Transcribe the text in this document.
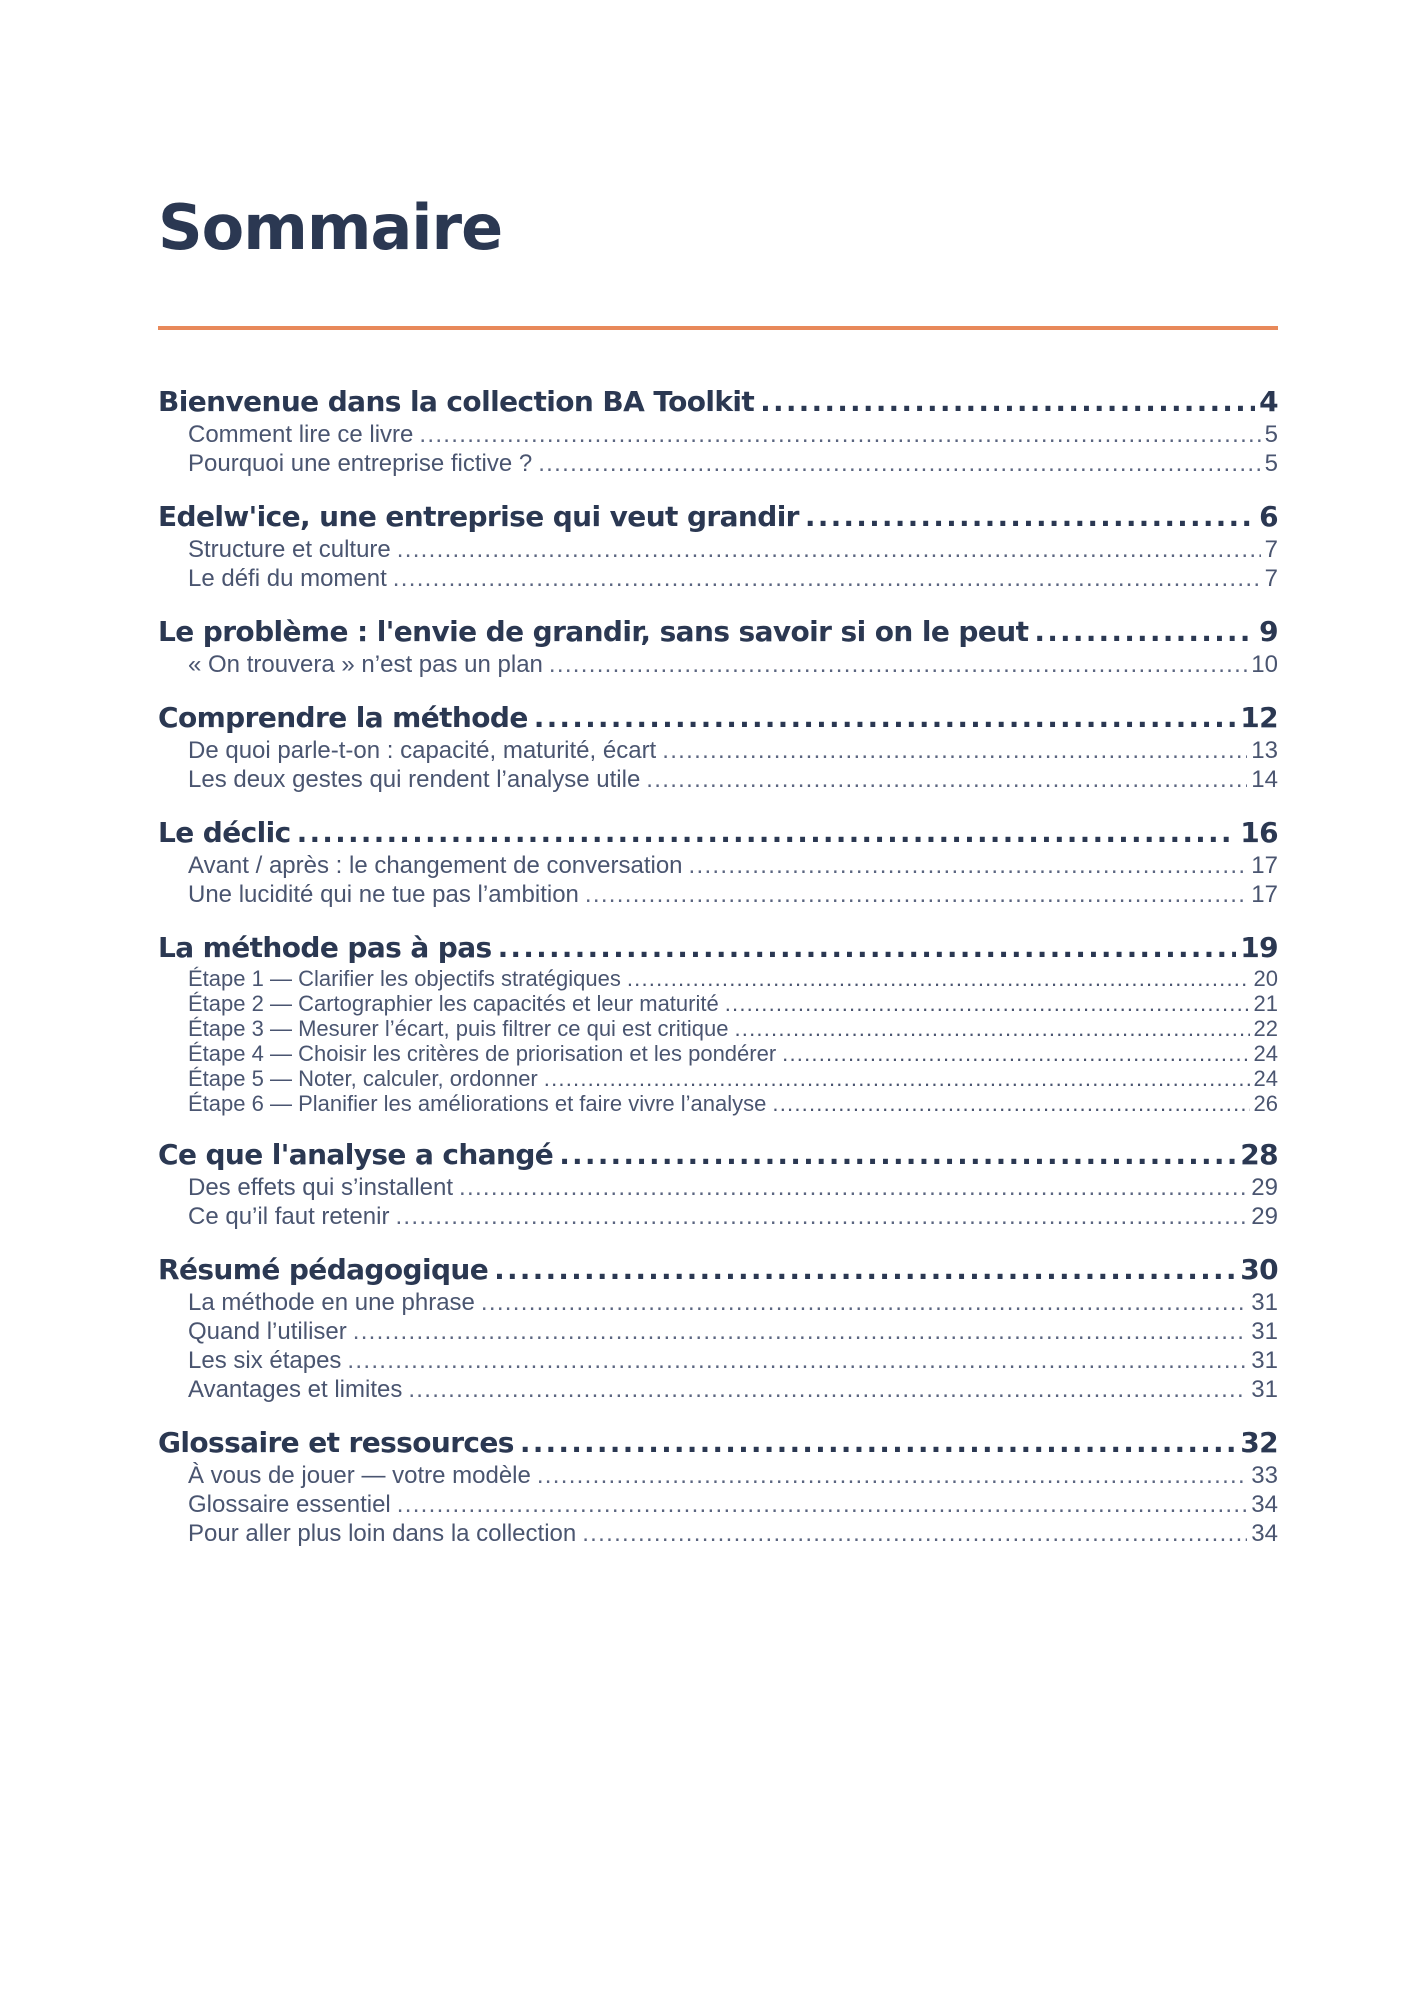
Sommaire
Bienvenue dans la collection BA Toolkit .....	4
Comment lire ce livre .....	5
Pourquoi une entreprise fictive ? .....	5
Edelw'ice, une entreprise qui veut grandir .....	6
Structure et culture .....	7
Le défi du moment .....	7
Le problème : l'envie de grandir, sans savoir si on le peut .....	9
« On trouvera » n’est pas un plan .....	10
Comprendre la méthode .....	12
De quoi parle-t-on : capacité, maturité, écart .....	13
Les deux gestes qui rendent l’analyse utile .....	14
Le déclic .....	16
Avant / après : le changement de conversation .....	17
Une lucidité qui ne tue pas l’ambition .....	17
La méthode pas à pas .....	19
Étape 1 — Clarifier les objectifs stratégiques .....	20
Étape 2 — Cartographier les capacités et leur maturité .....	21
Étape 3 — Mesurer l’écart, puis filtrer ce qui est critique .....	22
Étape 4 — Choisir les critères de priorisation et les pondérer .....	24
Étape 5 — Noter, calculer, ordonner .....	24
Étape 6 — Planifier les améliorations et faire vivre l’analyse .....	26
Ce que l'analyse a changé .....	28
Des effets qui s’installent .....	29
Ce qu’il faut retenir .....	29
Résumé pédagogique .....	30
La méthode en une phrase .....	31
Quand l’utiliser .....	31
Les six étapes .....	31
Avantages et limites .....	31
Glossaire et ressources .....	32
À vous de jouer — votre modèle .....	33
Glossaire essentiel .....	34
Pour aller plus loin dans la collection .....	34
